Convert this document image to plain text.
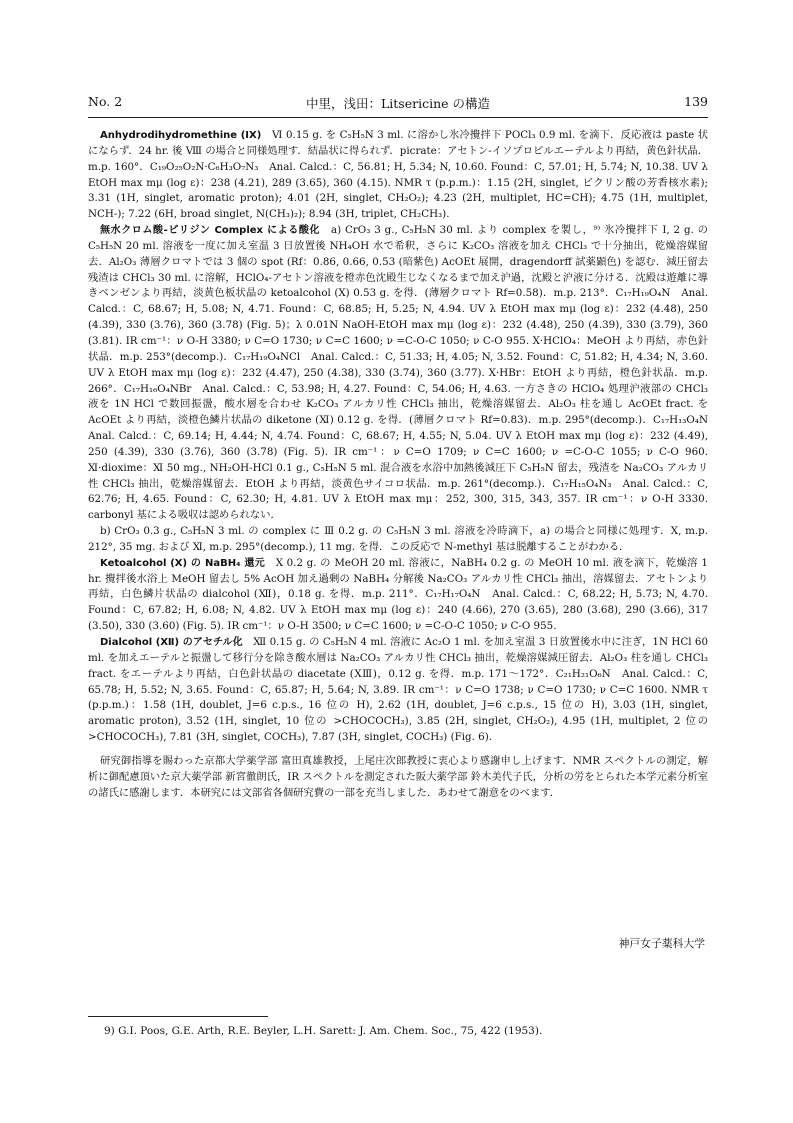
No. 2	中里，浅田：Litsericine の構造	139

Anhydrodihydromethine (IX)　 Ⅵ 0.15 g. を C₅H₅N 3 ml. に溶かし氷冷攪拌下 POCl₃ 0.9 ml. を滴下．反応液は paste 状にならず．24 hr. 後 Ⅷ の場合と同様処理す．結晶状に得られず．picrate：アセトン-イソプロピルエーテルより再結，黄色針状晶．m.p. 160°．C₁₉O₂₅O₂N·C₆H₃O₇N₃　Anal. Calcd.：C, 56.81; H, 5.34; N, 10.60. Found：C, 57.01; H, 5.74; N, 10.38. UV λ EtOH max mμ (log ε)：238 (4.21), 289 (3.65), 360 (4.15). NMR τ (p.p.m.)：1.15 (2H, singlet, ピクリン酸の芳香核水素); 3.31 (1H, singlet, aromatic proton); 4.01 (2H, singlet, CH₂O₂); 4.23 (2H, multiplet, HC=CH); 4.75 (1H, multiplet, NCH-); 7.22 (6H, broad singlet, N(CH₃)₂); 8.94 (3H, triplet, CH₂CH₃).

無水クロム酸-ピリジン Complex による酸化　 a) CrO₃ 3 g., C₅H₅N 30 ml. より complex を製し，⁹⁾ 氷冷攪拌下 I, 2 g. の C₅H₅N 20 ml. 溶液を一度に加え室温 3 日放置後 NH₄OH 水で希釈，さらに K₂CO₃ 溶液を加え CHCl₃ で十分抽出，乾燥溶媒留去．Al₂O₃ 薄層クロマトでは 3 個の spot (Rf：0.86, 0.66, 0.53 (暗紫色) AcOEt 展開，dragendorff 試薬顕色) を認む．減圧留去残渣は CHCl₃ 30 ml. に溶解，HClO₄-アセトン溶液を橙赤色沈殿生じなくなるまで加え沪過，沈殿と沪液に分ける．沈殿は遊離に導きベンゼンより再結，淡黄色板状晶の ketoalcohol (X) 0.53 g. を得．(薄層クロマト Rf=0.58)．m.p. 213°．C₁₇H₁₉O₄N　Anal. Calcd.：C, 68.67; H, 5.08; N, 4.71. Found：C, 68.85; H, 5.25; N, 4.94. UV λ EtOH max mμ (log ε)：232 (4.48), 250 (4.39), 330 (3.76), 360 (3.78) (Fig. 5)；λ 0.01N NaOH-EtOH max mμ (log ε)：232 (4.48), 250 (4.39), 330 (3.79), 360 (3.81). IR cm⁻¹：ν O-H 3380; ν C=O 1730; ν C=C 1600; ν =C-O-C 1050; ν C-O 955. X·HClO₄：MeOH より再結，赤色針状晶．m.p. 253°(decomp.)．C₁₇H₁₉O₄NCl　Anal. Calcd.：C, 51.33; H, 4.05; N, 3.52. Found：C, 51.82; H, 4.34; N, 3.60. UV λ EtOH max mμ (log ε)：232 (4.47), 250 (4.38), 330 (3.74), 360 (3.77). X·HBr：EtOH より再結，橙色針状晶．m.p. 266°．C₁₇H₁₆O₄NBr　Anal. Calcd.：C, 53.98; H, 4.27. Found：C, 54.06; H, 4.63. 一方さきの HClO₄ 処理沪液部の CHCl₃ 液を 1N HCl で数回振盪，酸水層を合わせ K₂CO₃ アルカリ性 CHCl₃ 抽出，乾燥溶媒留去．Al₂O₃ 柱を通し AcOEt fract. を AcOEt より再結，淡橙色鱗片状晶の diketone (Ⅺ) 0.12 g. を得．(薄層クロマト Rf=0.83)．m.p. 295°(decomp.)．C₁₇H₁₃O₄N　Anal. Calcd.：C, 69.14; H, 4.44; N, 4.74. Found：C, 68.67; H, 4.55; N, 5.04. UV λ EtOH max mμ (log ε)：232 (4.49), 250 (4.39), 330 (3.76), 360 (3.78) (Fig. 5). IR cm⁻¹：ν C=O 1709; ν C=C 1600; ν =C-O-C 1055; ν C-O 960. Ⅺ·dioxime：Ⅺ 50 mg., NH₂OH-HCl 0.1 g., C₅H₅N 5 ml. 混合液を水浴中加熱後減圧下 C₅H₅N 留去，残渣を Na₂CO₃ アルカリ性 CHCl₃ 抽出，乾燥溶媒留去．EtOH より再結，淡黄色サイコロ状晶．m.p. 261°(decomp.)．C₁₇H₁₅O₄N₃　Anal. Calcd.：C, 62.76; H, 4.65. Found：C, 62.30; H, 4.81. UV λ EtOH max mμ：252, 300, 315, 343, 357. IR cm⁻¹：ν O-H 3330. carbonyl 基による吸収は認められない．

b) CrO₃ 0.3 g., C₅H₅N 3 ml. の complex に Ⅲ 0.2 g. の C₅H₅N 3 ml. 溶液を冷時滴下，a) の場合と同様に処理す．X, m.p. 212°, 35 mg. および Ⅺ, m.p. 295°(decomp.), 11 mg. を得．この反応で N-methyl 基は脱離することがわかる．

Ketoalcohol (X) の NaBH₄ 還元　 X 0.2 g. の MeOH 20 ml. 溶液に，NaBH₄ 0.2 g. の MeOH 10 ml. 液を滴下，乾燥溶 1 hr. 攪拌後水浴上 MeOH 留去し 5% AcOH 加え過剰の NaBH₄ 分解後 Na₂CO₃ アルカリ性 CHCl₃ 抽出，溶媒留去．アセトンより再結，白色鱗片状晶の dialcohol (Ⅻ)，0.18 g. を得．m.p. 211°．C₁₇H₁₇O₄N　Anal. Calcd.：C, 68.22; H, 5.73; N, 4.70. Found：C, 67.82; H, 6.08; N, 4.82. UV λ EtOH max mμ (log ε)：240 (4.66), 270 (3.65), 280 (3.68), 290 (3.66), 317 (3.50), 330 (3.60) (Fig. 5). IR cm⁻¹：ν O-H 3500; ν C=C 1600; ν =C-O-C 1050; ν C-O 955.

Dialcohol (Ⅻ) のアセチル化　 Ⅻ 0.15 g. の C₅H₅N 4 ml. 溶液に Ac₂O 1 ml. を加え室温 3 日放置後水中に注ぎ，1N HCl 60 ml. を加えエーテルと振盪して移行分を除き酸水層は Na₂CO₃ アルカリ性 CHCl₃ 抽出，乾燥溶媒減圧留去．Al₂O₃ 柱を通し CHCl₃ fract. をエーテルより再結，白色針状晶の diacetate (ⅩⅢ)，0.12 g. を得．m.p. 171～172°．C₂₁H₂₁O₆N　Anal. Calcd.：C, 65.78; H, 5.52; N, 3.65. Found：C, 65.87; H, 5.64; N, 3.89. IR cm⁻¹：ν C=O 1738; ν C=O 1730; ν C=C 1600. NMR τ (p.p.m.)：1.58 (1H, doublet, J=6 c.p.s., 16 位の H), 2.62 (1H, doublet, J=6 c.p.s., 15 位の H), 3.03 (1H, singlet, aromatic proton), 3.52 (1H, singlet, 10 位の >CHOCOCH₃), 3.85 (2H, singlet, CH₂O₂), 4.95 (1H, multiplet, 2 位の >CHOCOCH₃), 7.81 (3H, singlet, COCH₃), 7.87 (3H, singlet, COCH₃) (Fig. 6).

研究御指導を賜わった京都大学薬学部 富田真雄教授，上尾庄次郎教授に衷心より感謝申し上げます．NMR スペクトルの測定，解析に御配慮頂いた京大薬学部 新宮徹朗氏，IR スペクトルを測定された阪大薬学部 鈴木美代子氏，分析の労をとられた本学元素分析室の諸氏に感謝します．本研究には文部省各個研究費の一部を充当しました．あわせて謝意をのべます．

神戸女子薬科大学
9) G.I. Poos, G.E. Arth, R.E. Beyler, L.H. Sarett: J. Am. Chem. Soc., 75, 422 (1953).
